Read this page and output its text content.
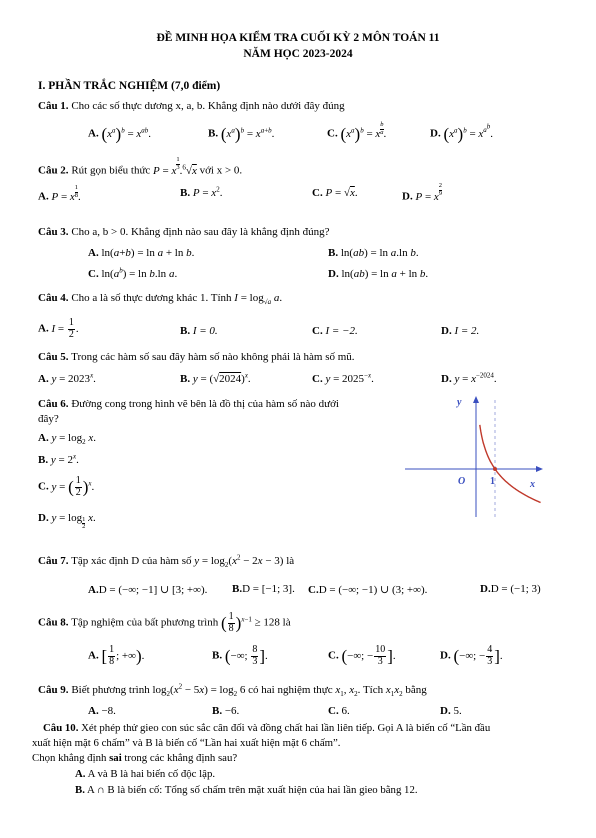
ĐỀ MINH HỌA KIỂM TRA CUỐI KỲ 2 MÔN TOÁN 11
NĂM HỌC 2023-2024
I. PHẦN TRẮC NGHIỆM (7,0 điểm)
Câu 1. Cho các số thực dương x, a, b. Khẳng định nào dưới đây đúng
A. $(x^a)^b = x^{ab}$.	B. $(x^a)^b = x^{a+b}$.	C. $(x^a)^b = x \frac{b}{a}$ .	D. $(x^a)^b = x^{a^b}$.
Câu 2. Rút gọn biểu thức P = x $\frac{1}{3} .^6√x$ với x > 0.
A. P = x $\frac{1}{8}$ .	B. $P = x^2$.	C. P = √x.	D. P = x $\frac{2}{9}$
Câu 3. Cho a, b > 0. Khẳng định nào sau đây là khẳng định đúng?
A. ln(a+b) = ln a + ln b.	B. ln(ab) = ln a.ln b.
C. $\ln(a^b) = \ln b.\ln$ a.	D. ln(ab) = ln a + ln b.
Câu 4. Cho a là số thực dương khác 1. Tính $I = \log_{√a} a$.
A. $I = \frac{1}{2}$ .	B. I = 0.	C. I = −2.	D. I = 2.
Câu 5. Trong các hàm số sau đây hàm số nào không phải là hàm số mũ.
A. $y = 2023^x$.	B. $y = (√2024)^x$.	C. $y = 2025^{-x}$.	D. $y = x^{-2024}$.
Câu 6. Đường cong trong hình vẽ bên là đồ thị của hàm số nào dưới
đây?
A. $y = \log_2 x$.
B. $y = 2^x$.
C. y = ( $\frac{1}{2} )^x$.
D. $y = \log \frac{1}{2} x$.
y
x
O 1
Câu 7. Tập xác định D của hàm số $y = \log_2(x^2 - 2x - 3)$ là
A.D = (−∞; −1] ∪ [3; +∞). B.D = [−1; 3]. C.D = (−∞; −1) ∪ (3; +∞).	D.D = (−1; 3)
Câu 8. Tập nghiệm của bất phương trình ( $\frac{1}{8} )^{x-1} \ge 128$ là
A. [ $\frac{1}{8}$ ; +∞).	B. (−∞; $\frac{8}{3}$ ].	C. (−∞; − $\frac{10}{3}$ ].	D. (−∞; − $\frac{4}{3}$ ].
Câu 9. Biết phương trình $\log_2(x^2 - 5x) = \log_2 6$ có hai nghiệm thực $x_1$, $x_2$. Tích $x_1x_2$ bằng
A. −8.	B. −6.	C. 6.	D. 5.
Câu 10. Xét phép thử gieo con súc sắc cân đối và đồng chất hai lần liên tiếp. Gọi A là biến cố “Lần đầu
xuất hiện mặt 6 chấm” và B là biến cố “Lần hai xuất hiện mặt 6 chấm”.
Chọn khẳng định sai trong các khẳng định sau?
A. A và B là hai biến cố độc lập.
B. A ∩ B là biến cố: Tổng số chấm trên mặt xuất hiện của hai lần gieo bằng 12.
